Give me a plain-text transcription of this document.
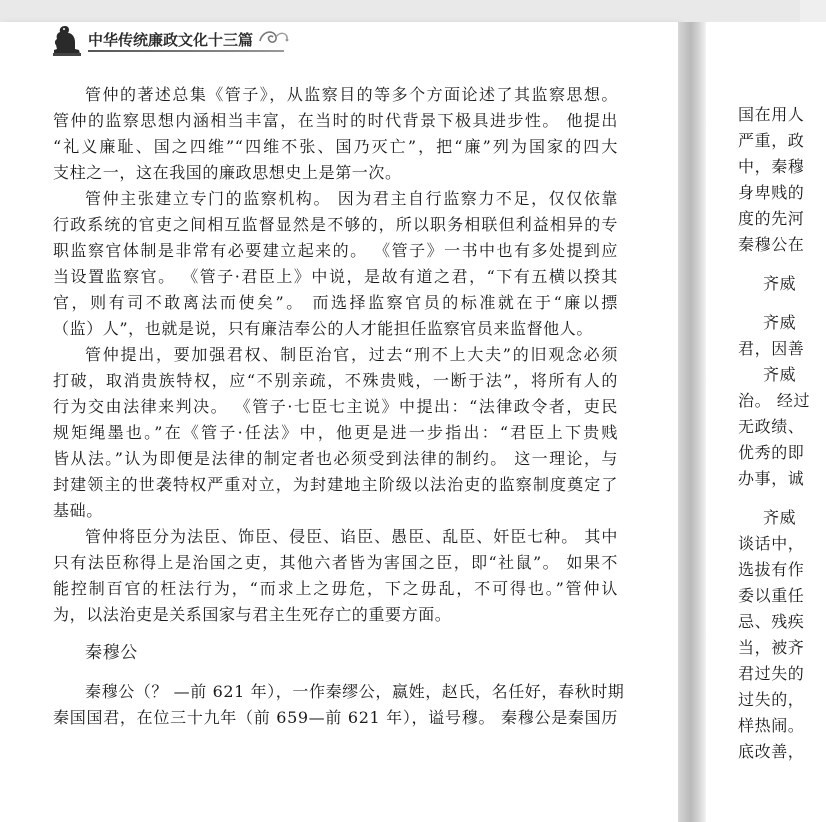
中华传统廉政文化十三篇
管仲的著述总集《管子》，从监察目的等多个方面论述了其监察思想。
管仲的监察思想内涵相当丰富，在当时的时代背景下极具进步性。 他提出
“礼义廉耻、国之四维”“四维不张、国乃灭亡”，把“廉”列为国家的四大
支柱之一，这在我国的廉政思想史上是第一次。
管仲主张建立专门的监察机构。 因为君主自行监察力不足，仅仅依靠
行政系统的官吏之间相互监督显然是不够的，所以职务相联但利益相异的专
职监察官体制是非常有必要建立起来的。 《管子》一书中也有多处提到应
当设置监察官。 《管子·君臣上》中说，是故有道之君，“下有五横以揆其
官，则有司不敢离法而使矣”。 而选择监察官员的标准就在于“廉以摽
（监）人”，也就是说，只有廉洁奉公的人才能担任监察官员来监督他人。
管仲提出，要加强君权、制臣治官，过去“刑不上大夫”的旧观念必须
打破，取消贵族特权，应“不别亲疏，不殊贵贱，一断于法”，将所有人的
行为交由法律来判决。 《管子·七臣七主说》中提出：“法律政令者，吏民
规矩绳墨也。”在《管子·任法》中，他更是进一步指出：“君臣上下贵贱
皆从法。”认为即便是法律的制定者也必须受到法律的制约。 这一理论，与
封建领主的世袭特权严重对立，为封建地主阶级以法治吏的监察制度奠定了
基础。
管仲将臣分为法臣、饰臣、侵臣、谄臣、愚臣、乱臣、奸臣七种。 其中
只有法臣称得上是治国之吏，其他六者皆为害国之臣，即“社鼠”。 如果不
能控制百官的枉法行为，“而求上之毋危，下之毋乱，不可得也。”管仲认
为，以法治吏是关系国家与君主生死存亡的重要方面。
秦穆公
秦穆公（？ —前 621 年），一作秦缪公，嬴姓，赵氏，名任好，春秋时期
秦国国君，在位三十九年（前 659—前 621 年），谥号穆。 秦穆公是秦国历
国在用人
严重，政
中，秦穆
身卑贱的
度的先河
秦穆公在
齐威
齐威
君，因善
齐威
治。 经过
无政绩、
优秀的即
办事，诚
齐威
谈话中，
选拔有作
委以重任
忌、残疾
当，被齐
君过失的
过失的，
样热闹。
底改善，
